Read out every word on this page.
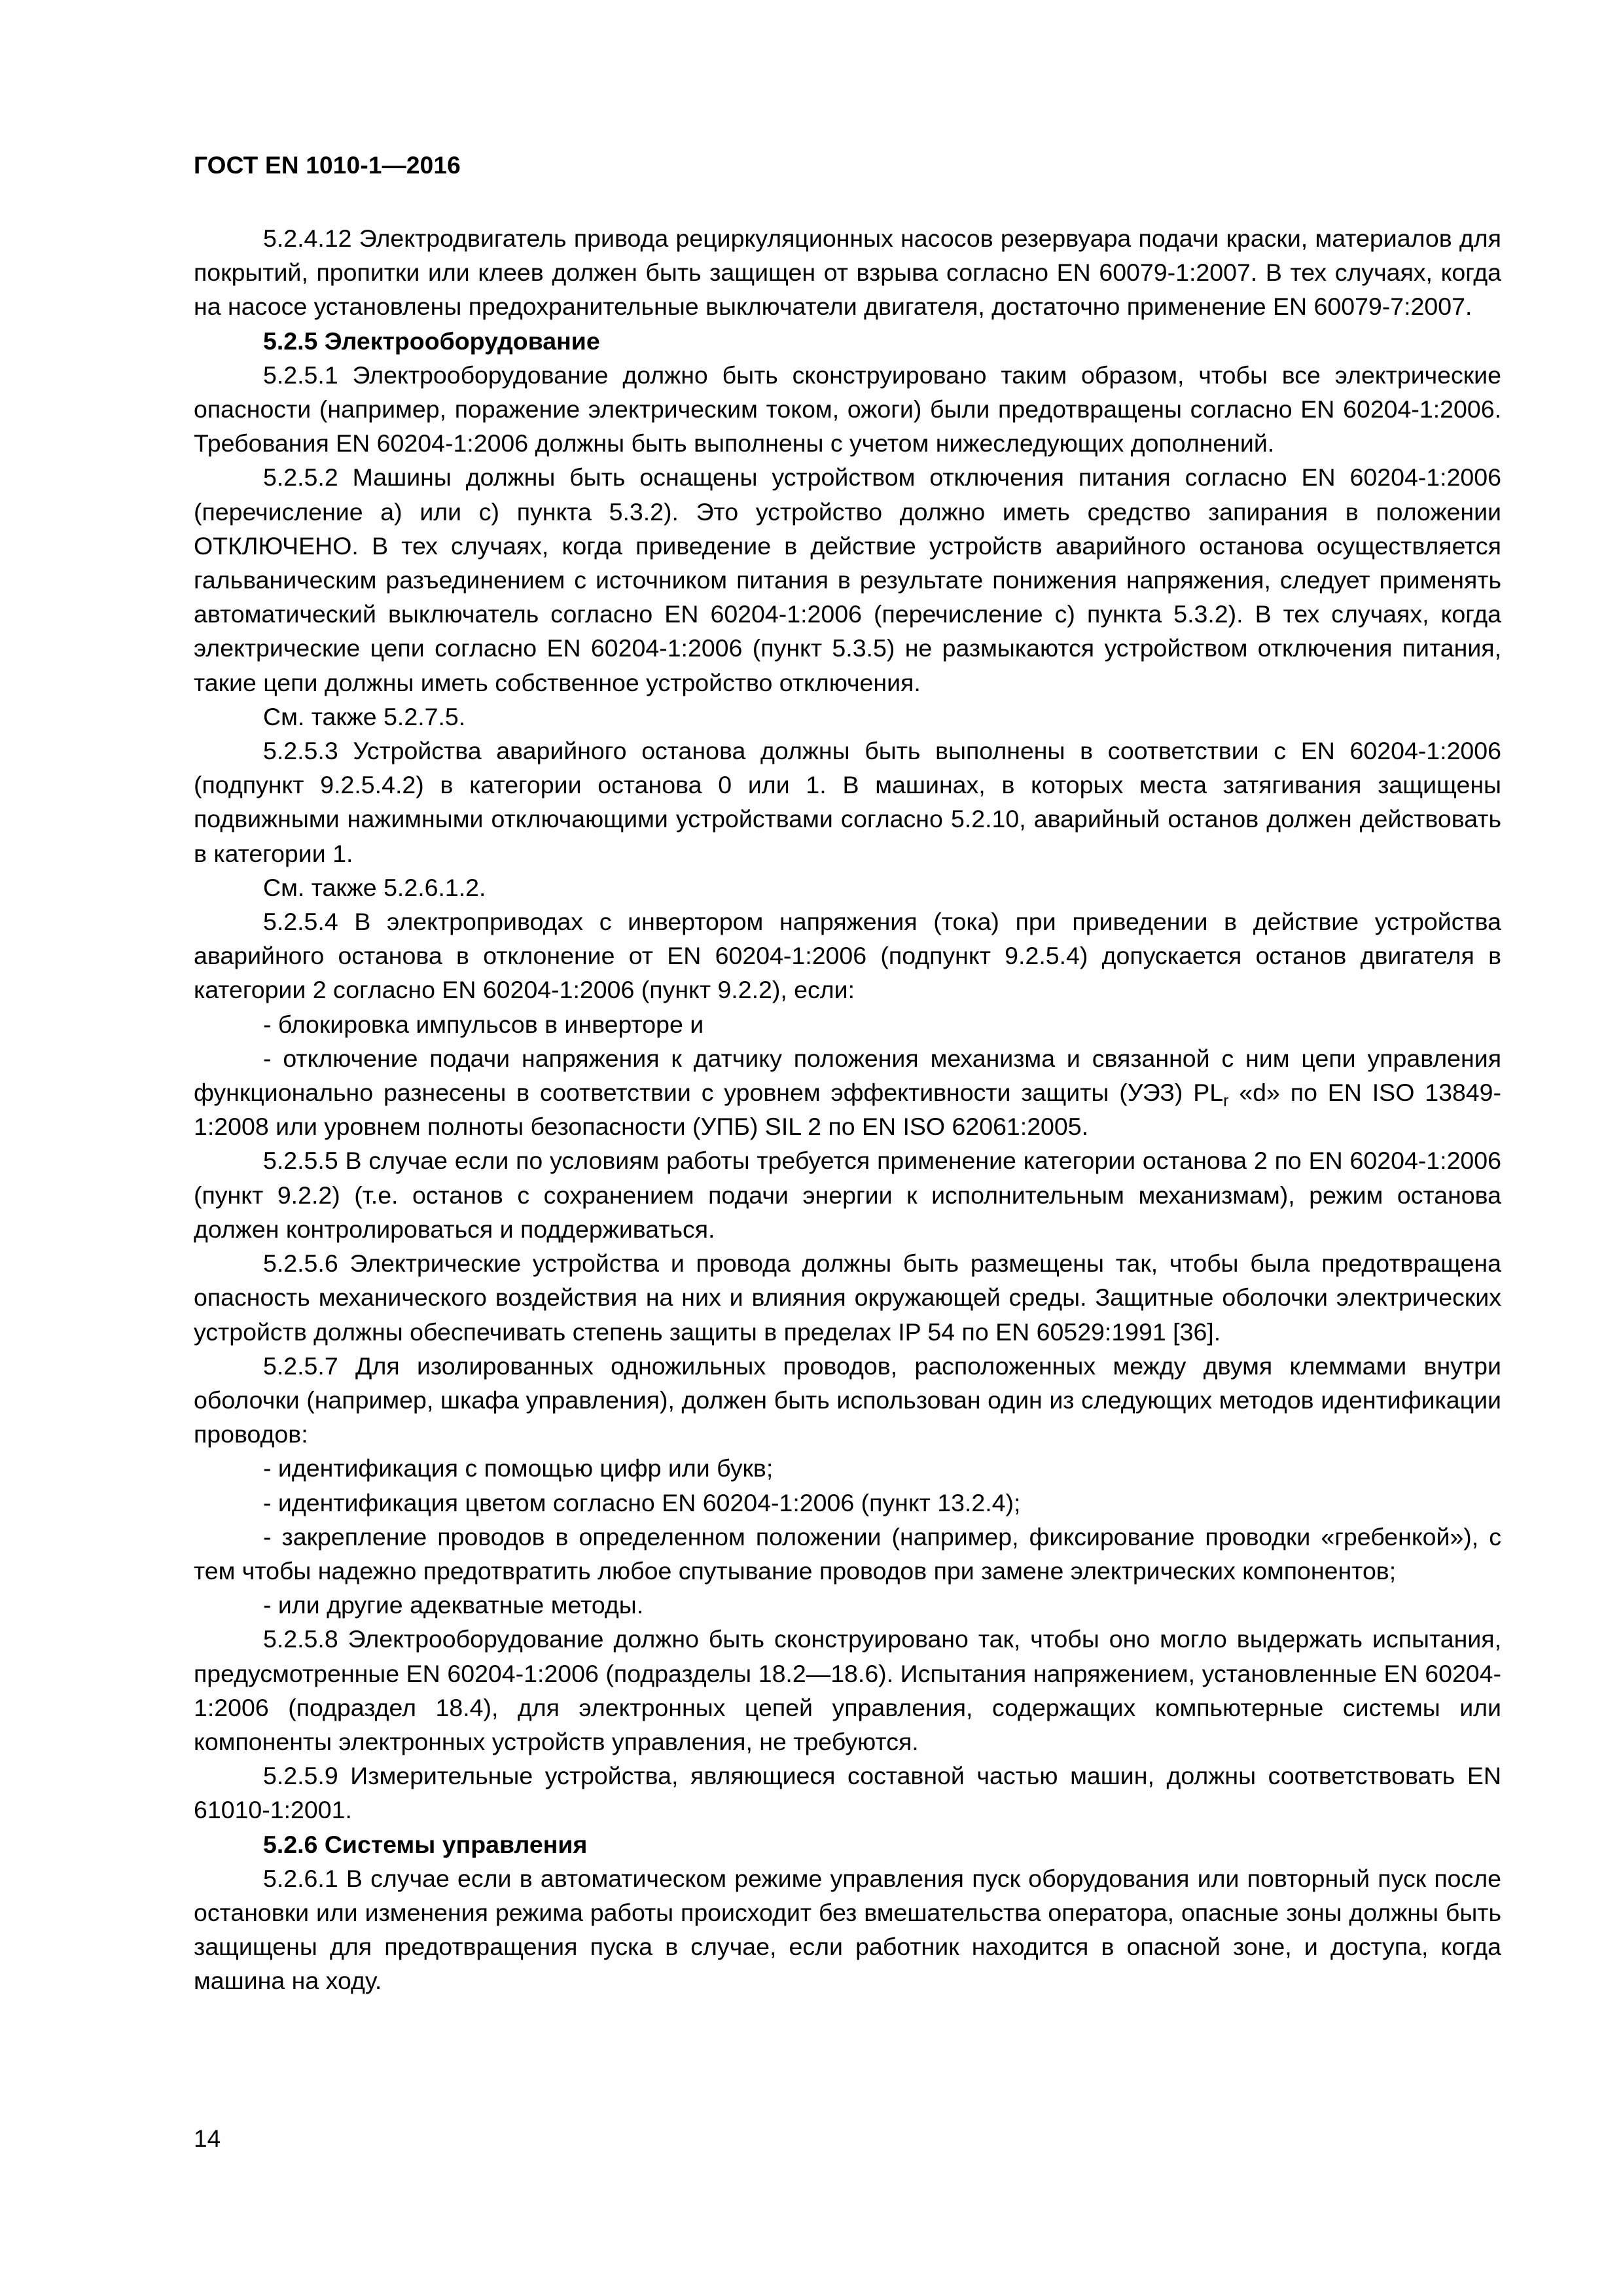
ГОСТ EN 1010-1—2016

5.2.4.12 Электродвигатель привода рециркуляционных насосов резервуара подачи краски, материалов для покрытий, пропитки или клеев должен быть защищен от взрыва согласно EN 60079-1:2007. В тех случаях, когда на насосе установлены предохранительные выключатели двигателя, достаточно применение EN 60079-7:2007.

5.2.5 Электрооборудование

5.2.5.1 Электрооборудование должно быть сконструировано таким образом, чтобы все электрические опасности (например, поражение электрическим током, ожоги) были предотвращены согласно EN 60204-1:2006. Требования EN 60204-1:2006 должны быть выполнены с учетом нижеследующих дополнений.

5.2.5.2 Машины должны быть оснащены устройством отключения питания согласно EN 60204-1:2006 (перечисление а) или с) пункта 5.3.2). Это устройство должно иметь средство запирания в положении ОТКЛЮЧЕНО. В тех случаях, когда приведение в действие устройств аварийного останова осуществляется гальваническим разъединением с источником питания в результате понижения напряжения, следует применять автоматический выключатель согласно EN 60204-1:2006 (перечисление с) пункта 5.3.2). В тех случаях, когда электрические цепи согласно EN 60204-1:2006 (пункт 5.3.5) не размыкаются устройством отключения питания, такие цепи должны иметь собственное устройство отключения.

См. также 5.2.7.5.

5.2.5.3 Устройства аварийного останова должны быть выполнены в соответствии с EN 60204-1:2006 (подпункт 9.2.5.4.2) в категории останова 0 или 1. В машинах, в которых места затягивания защищены подвижными нажимными отключающими устройствами согласно 5.2.10, аварийный останов должен действовать в категории 1.

См. также 5.2.6.1.2.

5.2.5.4 В электроприводах с инвертором напряжения (тока) при приведении в действие устройства аварийного останова в отклонение от EN 60204-1:2006 (подпункт 9.2.5.4) допускается останов двигателя в категории 2 согласно EN 60204-1:2006 (пункт 9.2.2), если:

- блокировка импульсов в инверторе и

- отключение подачи напряжения к датчику положения механизма и связанной с ним цепи управления функционально разнесены в соответствии с уровнем эффективности защиты (УЭЗ) $PL_r$ «d» по EN ISO 13849-1:2008 или уровнем полноты безопасности (УПБ) SIL 2 по EN ISO 62061:2005.

5.2.5.5 В случае если по условиям работы требуется применение категории останова 2 по EN 60204-1:2006 (пункт 9.2.2) (т.е. останов с сохранением подачи энергии к исполнительным механизмам), режим останова должен контролироваться и поддерживаться.

5.2.5.6 Электрические устройства и провода должны быть размещены так, чтобы была предотвращена опасность механического воздействия на них и влияния окружающей среды. Защитные оболочки электрических устройств должны обеспечивать степень защиты в пределах IP 54 по EN 60529:1991 [36].

5.2.5.7 Для изолированных одножильных проводов, расположенных между двумя клеммами внутри оболочки (например, шкафа управления), должен быть использован один из следующих методов идентификации проводов:

- идентификация с помощью цифр или букв;

- идентификация цветом согласно EN 60204-1:2006 (пункт 13.2.4);

- закрепление проводов в определенном положении (например, фиксирование проводки «гребенкой»), с тем чтобы надежно предотвратить любое спутывание проводов при замене электрических компонентов;

- или другие адекватные методы.

5.2.5.8 Электрооборудование должно быть сконструировано так, чтобы оно могло выдержать испытания, предусмотренные EN 60204-1:2006 (подразделы 18.2—18.6). Испытания напряжением, установленные EN 60204-1:2006 (подраздел 18.4), для электронных цепей управления, содержащих компьютерные системы или компоненты электронных устройств управления, не требуются.

5.2.5.9 Измерительные устройства, являющиеся составной частью машин, должны соответствовать EN 61010-1:2001.

5.2.6 Системы управления

5.2.6.1 В случае если в автоматическом режиме управления пуск оборудования или повторный пуск после остановки или изменения режима работы происходит без вмешательства оператора, опасные зоны должны быть защищены для предотвращения пуска в случае, если работник находится в опасной зоне, и доступа, когда машина на ходу.

14
